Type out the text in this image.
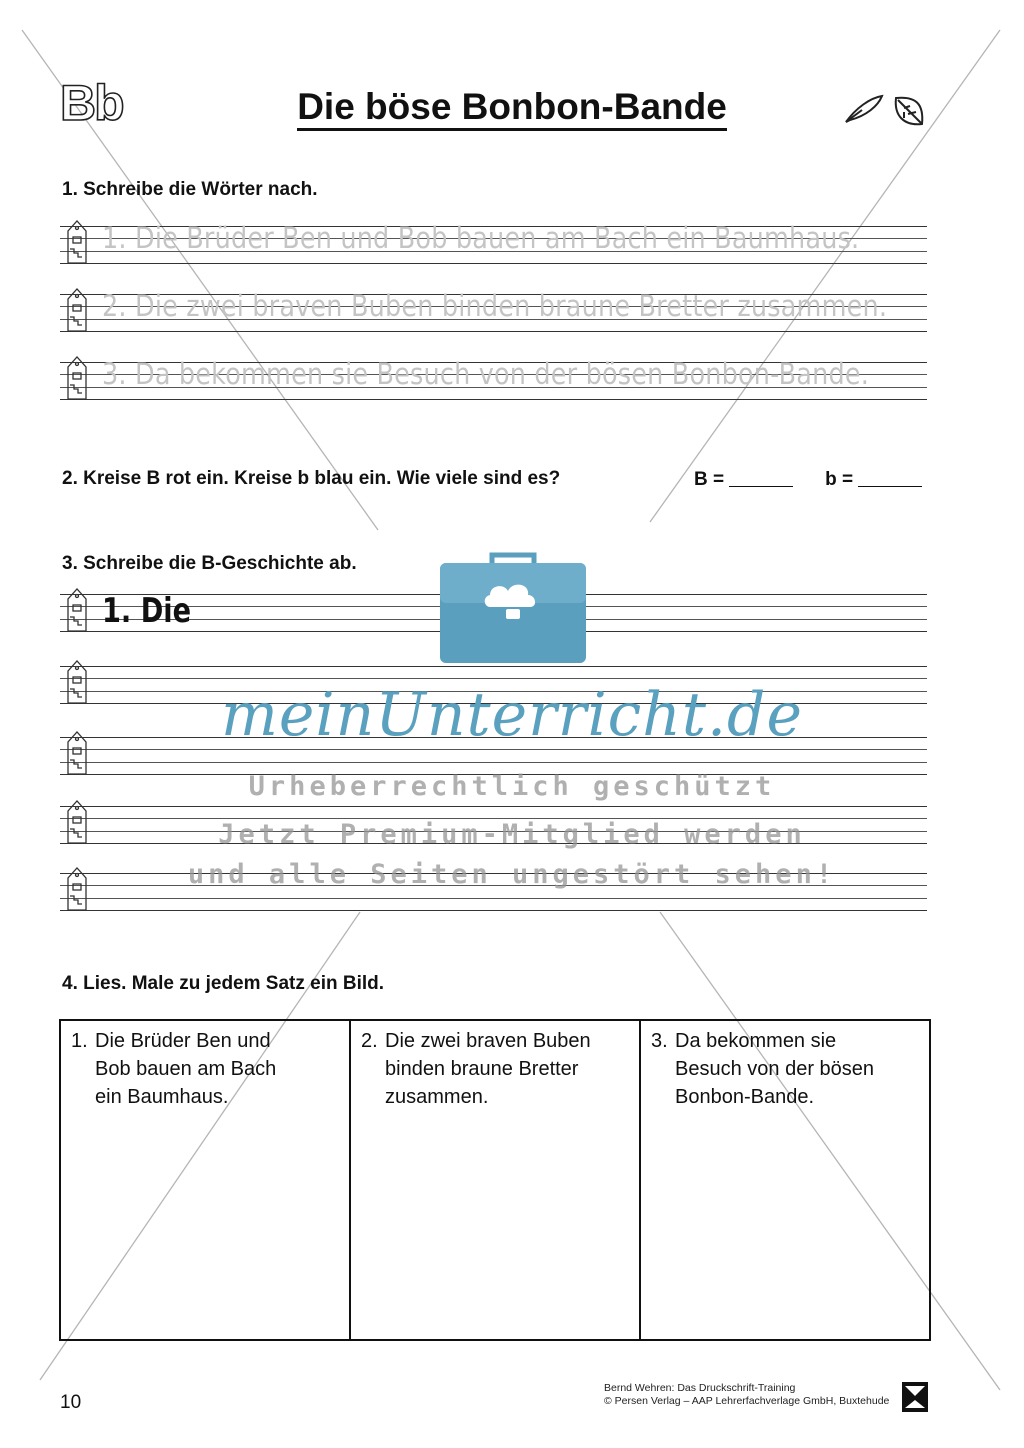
Bb	Die böse Bonbon-Bande
1. Schreibe die Wörter nach.
1. Die Brüder Ben und Bob bauen am Bach ein Baumhaus.
2. Die zwei braven Buben binden braune Bretter zusammen.
3. Da bekommen sie Besuch von der bösen Bonbon-Bande.
2. Kreise B rot ein. Kreise b blau ein. Wie viele sind es?	B =	b =
3. Schreibe die B-Geschichte ab.
1. Die
4. Lies. Male zu jedem Satz ein Bild.
1. Die Brüder Ben und
Bob bauen am Bach
ein Baumhaus.
2. Die zwei braven Buben
binden braune Bretter
zusammen.
3. Da bekommen sie
Besuch von der bösen
Bonbon-Bande.
meinUnterricht.de
Urheberrechtlich geschützt
Jetzt Premium-Mitglied werden
und alle Seiten ungestört sehen!
10
Bernd Wehren: Das Druckschrift-Training
© Persen Verlag – AAP Lehrerfachverlage GmbH, Buxtehude
